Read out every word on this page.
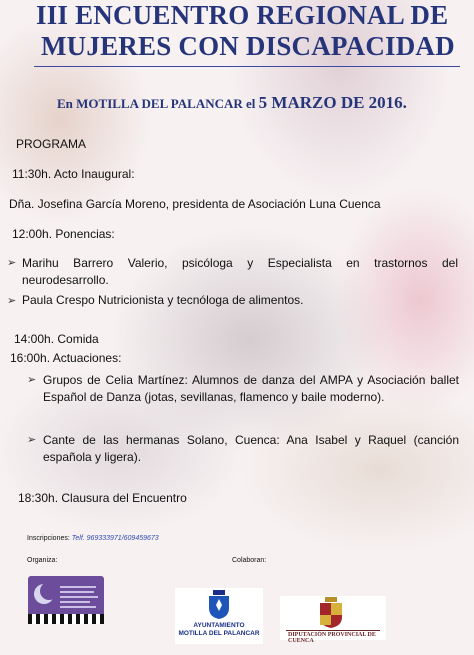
III ENCUENTRO REGIONAL DE
MUJERES CON DISCAPACIDAD
En MOTILLA DEL PALANCAR el 5 MARZO DE 2016.
PROGRAMA
11:30h. Acto Inaugural:
Dña. Josefina García Moreno, presidenta de Asociación Luna Cuenca
12:00h. Ponencias:
➢ Marihu Barrero Valerio, psicóloga y Especialista en trastornos del neurodesarrollo.
➢ Paula Crespo Nutricionista y tecnóloga de alimentos.
14:00h. Comida
16:00h. Actuaciones:
➢ Grupos de Celia Martínez: Alumnos de danza del AMPA y Asociación ballet Español de Danza (jotas, sevillanas, flamenco y baile moderno).
➢ Cante de las hermanas Solano, Cuenca: Ana Isabel y Raquel (canción española y ligera).
18:30h. Clausura del Encuentro
Inscripciones: Telf. 969333971/609459673
Organiza:	Colaboran:
AYUNTAMIENTO
MOTILLA DEL PALANCAR	DIPUTACIÓN PROVINCIAL DE CUENCA
